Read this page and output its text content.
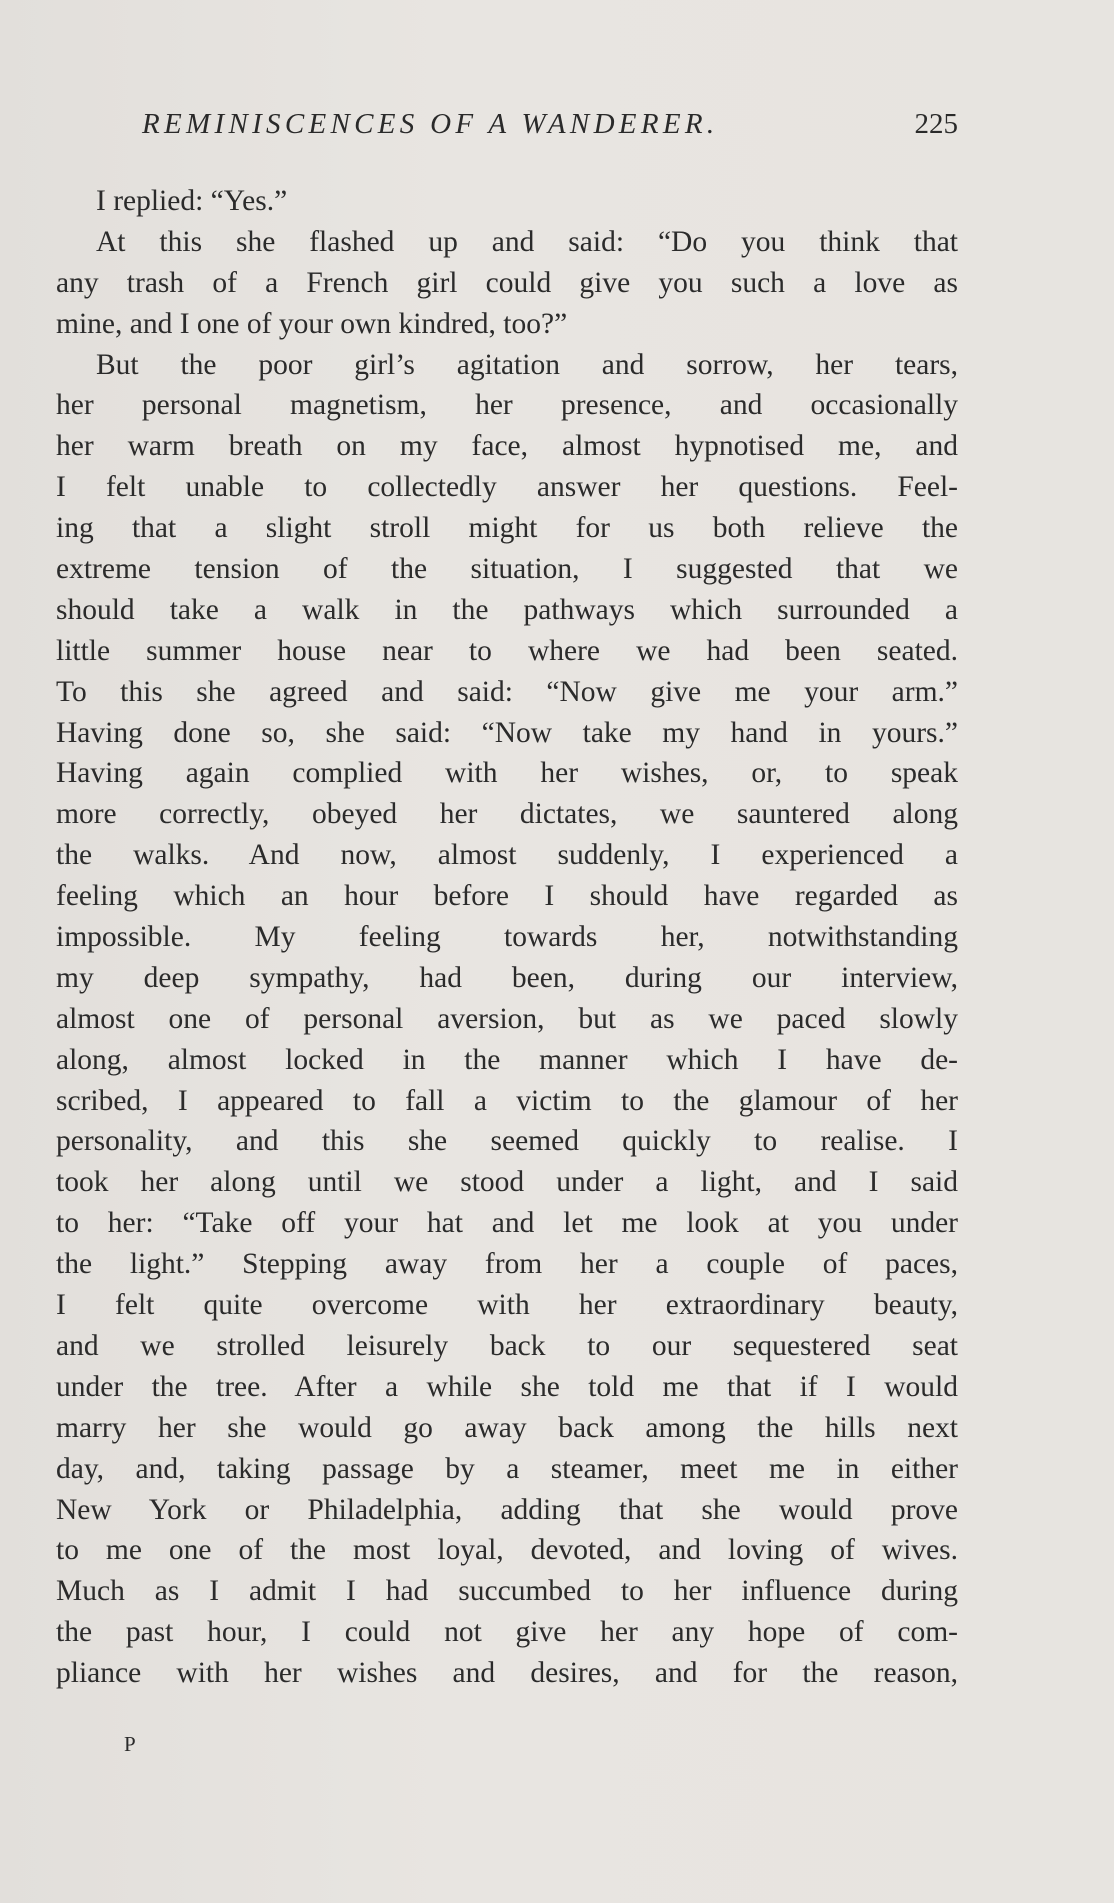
REMINISCENCES OF A WANDERER.	225
I replied: “Yes.”
At this she flashed up and said: “Do you think that
any trash of a French girl could give you such a love as
mine, and I one of your own kindred, too?”
But the poor girl’s agitation and sorrow, her tears,
her personal magnetism, her presence, and occasionally
her warm breath on my face, almost hypnotised me, and
I felt unable to collectedly answer her questions. Feel-
ing that a slight stroll might for us both relieve the
extreme tension of the situation, I suggested that we
should take a walk in the pathways which surrounded a
little summer house near to where we had been seated.
To this she agreed and said: “Now give me your arm.”
Having done so, she said: “Now take my hand in yours.”
Having again complied with her wishes, or, to speak
more correctly, obeyed her dictates, we sauntered along
the walks. And now, almost suddenly, I experienced a
feeling which an hour before I should have regarded as
impossible. My feeling towards her, notwithstanding
my deep sympathy, had been, during our interview,
almost one of personal aversion, but as we paced slowly
along, almost locked in the manner which I have de-
scribed, I appeared to fall a victim to the glamour of her
personality, and this she seemed quickly to realise. I
took her along until we stood under a light, and I said
to her: “Take off your hat and let me look at you under
the light.” Stepping away from her a couple of paces,
I felt quite overcome with her extraordinary beauty,
and we strolled leisurely back to our sequestered seat
under the tree. After a while she told me that if I would
marry her she would go away back among the hills next
day, and, taking passage by a steamer, meet me in either
New York or Philadelphia, adding that she would prove
to me one of the most loyal, devoted, and loving of wives.
Much as I admit I had succumbed to her influence during
the past hour, I could not give her any hope of com-
pliance with her wishes and desires, and for the reason,
P
